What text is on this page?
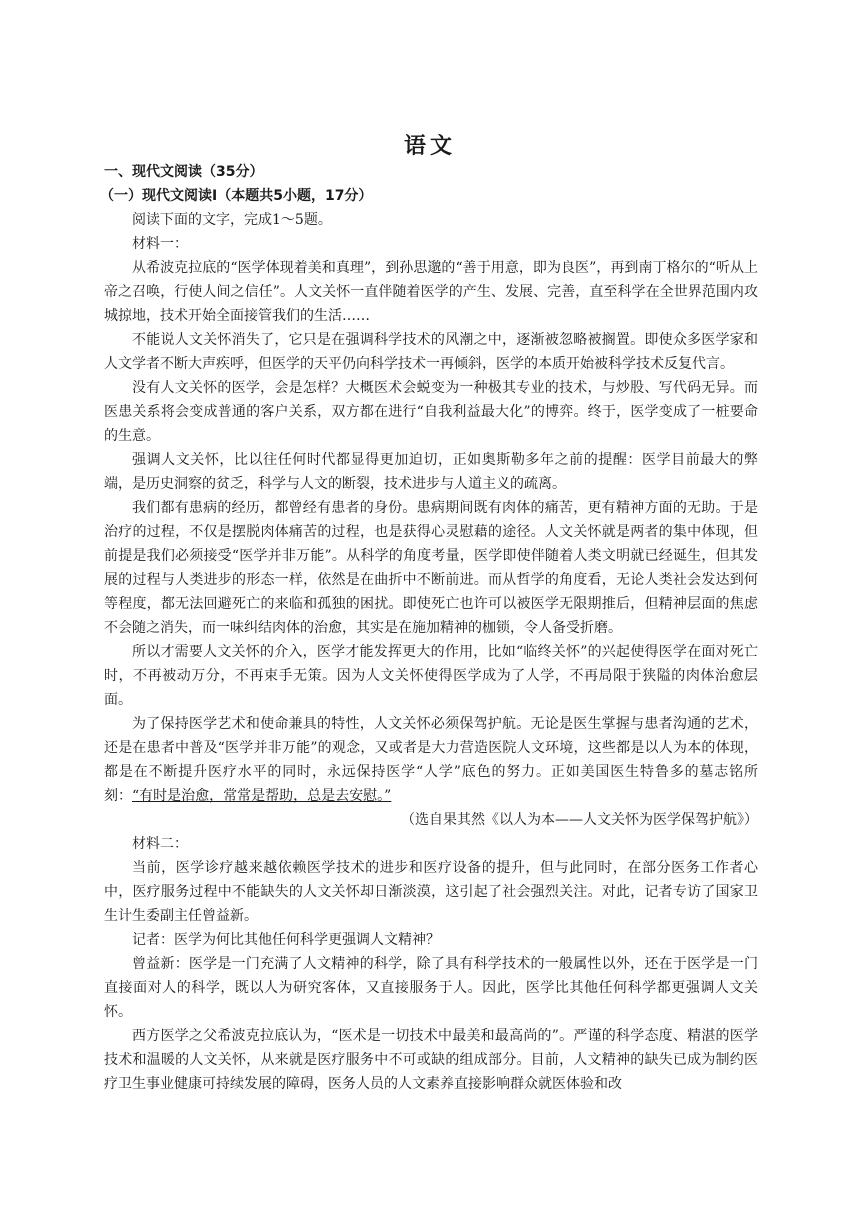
语文
一、现代文阅读（35分）
（一）现代文阅读Ⅰ（本题共5小题，17分）

阅读下面的文字，完成1～5题。

材料一：

从希波克拉底的“医学体现着美和真理”，到孙思邈的“善于用意，即为良医”，再到南丁格尔的“听从上帝之召唤，行使人间之信任”。人文关怀一直伴随着医学的产生、发展、完善，直至科学在全世界范围内攻城掠地，技术开始全面接管我们的生活……

不能说人文关怀消失了，它只是在强调科学技术的风潮之中，逐渐被忽略被搁置。即使众多医学家和人文学者不断大声疾呼，但医学的天平仍向科学技术一再倾斜，医学的本质开始被科学技术反复代言。

没有人文关怀的医学，会是怎样？大概医术会蜕变为一种极其专业的技术，与炒股、写代码无异。而医患关系将会变成普通的客户关系，双方都在进行“自我利益最大化”的博弈。终于，医学变成了一桩要命的生意。

强调人文关怀，比以往任何时代都显得更加迫切，正如奥斯勒多年之前的提醒：医学目前最大的弊端，是历史洞察的贫乏，科学与人文的断裂，技术进步与人道主义的疏离。

我们都有患病的经历，都曾经有患者的身份。患病期间既有肉体的痛苦，更有精神方面的无助。于是治疗的过程，不仅是摆脱肉体痛苦的过程，也是获得心灵慰藉的途径。人文关怀就是两者的集中体现，但前提是我们必须接受“医学并非万能”。从科学的角度考量，医学即使伴随着人类文明就已经诞生，但其发展的过程与人类进步的形态一样，依然是在曲折中不断前进。而从哲学的角度看，无论人类社会发达到何等程度，都无法回避死亡的来临和孤独的困扰。即使死亡也许可以被医学无限期推后，但精神层面的焦虑不会随之消失，而一味纠结肉体的治愈，其实是在施加精神的枷锁，令人备受折磨。

所以才需要人文关怀的介入，医学才能发挥更大的作用，比如“临终关怀”的兴起使得医学在面对死亡时，不再被动万分，不再束手无策。因为人文关怀使得医学成为了人学，不再局限于狭隘的肉体治愈层面。

为了保持医学艺术和使命兼具的特性，人文关怀必须保驾护航。无论是医生掌握与患者沟通的艺术，还是在患者中普及“医学并非万能”的观念，又或者是大力营造医院人文环境，这些都是以人为本的体现，都是在不断提升医疗水平的同时，永远保持医学“人学”底色的努力。正如美国医生特鲁多的墓志铭所刻：“有时是治愈，常常是帮助，总是去安慰。”

（选自果其然《以人为本——人文关怀为医学保驾护航》）

材料二：

当前，医学诊疗越来越依赖医学技术的进步和医疗设备的提升，但与此同时，在部分医务工作者心中，医疗服务过程中不能缺失的人文关怀却日渐淡漠，这引起了社会强烈关注。对此，记者专访了国家卫生计生委副主任曾益新。

记者：医学为何比其他任何科学更强调人文精神？

曾益新：医学是一门充满了人文精神的科学，除了具有科学技术的一般属性以外，还在于医学是一门直接面对人的科学，既以人为研究客体，又直接服务于人。因此，医学比其他任何科学都更强调人文关怀。

西方医学之父希波克拉底认为，“医术是一切技术中最美和最高尚的”。严谨的科学态度、精湛的医学技术和温暖的人文关怀，从来就是医疗服务中不可或缺的组成部分。目前，人文精神的缺失已成为制约医疗卫生事业健康可持续发展的障碍，医务人员的人文素养直接影响群众就医体验和改
